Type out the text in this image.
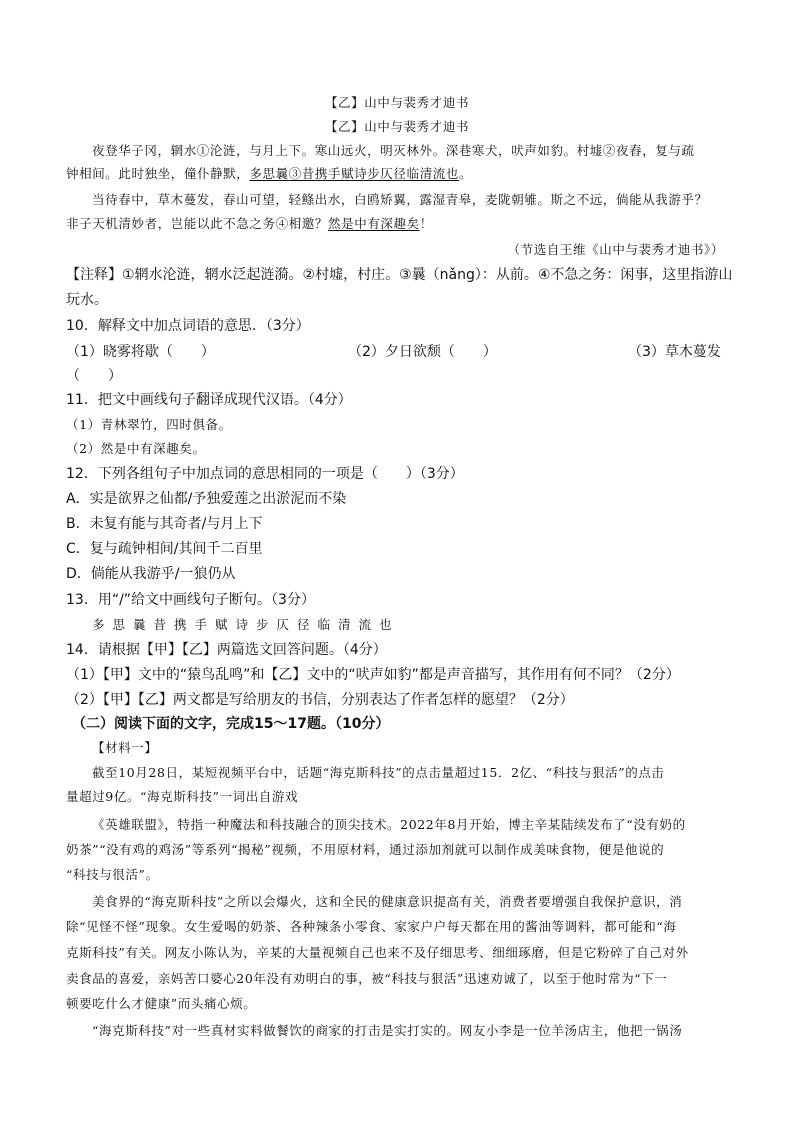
【乙】山中与裴秀才迪书
【乙】山中与裴秀才迪书
夜登华子冈，辋水①沦涟，与月上下。寒山远火，明灭林外。深巷寒犬，吠声如豹。村墟②夜舂，复与疏
钟相间。此时独坐，僮仆静默，多思曩③昔携手赋诗步仄径临清流也。
当待春中，草木蔓发，春山可望，轻鲦出水，白鸥矫翼，露湿青皋，麦陇朝雊。斯之不远，倘能从我游乎？
非子天机清妙者，岂能以此不急之务④相邀？然是中有深趣矣！
（节选自王维《山中与裴秀才迪书》）
【注释】①辋水沦涟，辋水泛起涟漪。②村墟，村庄。③曩（nǎng）：从前。④不急之务：闲事，这里指游山
玩水。
10．解释文中加点词语的意思．（3分）
（1）晓雾将歇（　　）	（2）夕日欲颓（　　）	（3）草木蔓发
（　　）
11．把文中画线句子翻译成现代汉语。（4分）
（1）青林翠竹，四时俱备。
（2）然是中有深趣矣。
12．下列各组句子中加点词的意思相同的一项是（　　）（3分）
A．实是欲界之仙都/予独爱莲之出淤泥而不染
B．未复有能与其奇者/与月上下
C．复与疏钟相间/其间千二百里
D．倘能从我游乎/一狼仍从
13．用“/”给文中画线句子断句。（3分）
多思曩昔携手赋诗步仄径临清流也
14．请根据【甲】【乙】两篇选文回答问题。（4分）
（1）【甲】文中的“猿鸟乱鸣”和【乙】文中的“吠声如豹”都是声音描写，其作用有何不同？（2分）
（2）【甲】【乙】两文都是写给朋友的书信，分别表达了作者怎样的愿望？（2分）
（二）阅读下面的文字，完成15～17题。（10分）
【材料一】
截至10月28日，某短视频平台中，话题“海克斯科技”的点击量超过15．2亿、“科技与狠活”的点击
量超过9亿。“海克斯科技”一词出自游戏
《英雄联盟》，特指一种魔法和科技融合的顶尖技术。2022年8月开始，博主辛某陆续发布了“没有奶的
奶茶”“没有鸡的鸡汤”等系列“揭秘”视频，不用原材料，通过添加剂就可以制作成美味食物，便是他说的
“科技与很活”。
美食界的“海克斯科技”之所以会爆火，这和全民的健康意识提高有关，消费者要增强自我保护意识，消
除“见怪不怪”现象。女生爱喝的奶茶、各种辣条小零食、家家户户每天都在用的酱油等调料，都可能和“海
克斯科技”有关。网友小陈认为，辛某的大量视频自己也来不及仔细思考、细细琢磨，但是它粉碎了自己对外
卖食品的喜爱，亲妈苦口婆心20年没有劝明白的事，被“科技与狠活”迅速劝诚了，以至于他时常为“下一
顿要吃什么才健康”而头痛心烦。
“海克斯科技”对一些真材实料做餐饮的商家的打击是实打实的。网友小李是一位羊汤店主，他把一锅汤
